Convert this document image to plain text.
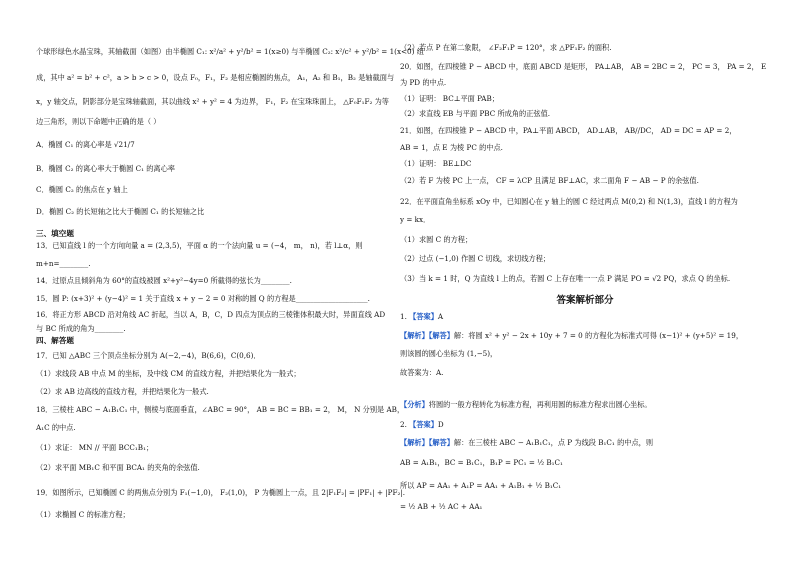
个球形绿色水晶宝珠，其轴截面（如图）由半椭圆 C₁: x²/a² + y²/b² = 1(x≥0) 与半椭圆 C₂: x²/c² + y²/b² = 1(x<0) 组
成，其中 a² = b² + c²，a > b > c > 0，设点 F₀，F₁，F₂ 是相应椭圆的焦点， A₁，A₂ 和 B₁，B₂ 是轴截面与
x，y 轴交点，阴影部分是宝珠轴截面，其以曲线 x² + y² = 4 为边界， F₁，F₂ 在宝珠珠面上， △F₀F₁F₂ 为等
边三角形，则以下命题中正确的是（ ）
A．椭圆 C₁ 的离心率是 √21/7
B．椭圆 C₂ 的离心率大于椭圆 C₁ 的离心率
C．椭圆 C₂ 的焦点在 y 轴上
D．椭圆 C₂ 的长短轴之比大于椭圆 C₁ 的长短轴之比
三、填空题
13．已知直线 l 的一个方向向量 a = (2,3,5)，平面 α 的一个法向量 u = (−4， m， n)，若 l⊥α，则
m+n=________.
14．过原点且倾斜角为 60°的直线被圆 x²+y²−4y=0 所截得的弦长为________.
15．圆 P: (x+3)² + (y−4)² = 1 关于直线 x + y − 2 = 0 对称的圆 Q 的方程是____________________.
16．将正方形 ABCD 沿对角线 AC 折起，当以 A，B，C，D 四点为顶点的三棱锥体积最大时，异面直线 AD
与 BC 所成的角为________.
四、解答题
17．已知 △ABC 三个顶点坐标分别为 A(−2,−4)，B(6,6)，C(0,6)．
（1）求线段 AB 中点 M 的坐标，及中线 CM 的直线方程，并把结果化为一般式；
（2）求 AB 边高线的直线方程，并把结果化为一般式.
18．三棱柱 ABC − A₁B₁C₁ 中，侧棱与底面垂直，∠ABC = 90°， AB = BC = BB₁ = 2， M， N 分别是 AB，
A₁C 的中点.
（1）求证： MN // 平面 BCC₁B₁；
（2）求平面 MB₁C 和平面 BCA₁ 的夹角的余弦值.
19．如图所示，已知椭圆 C 的两焦点分别为 F₁(−1,0)， F₂(1,0)， P 为椭圆上一点，且 2|F₁F₂| = |PF₁| + |PF₂|.
（1）求椭圆 C 的标准方程；
（2）若点 P 在第二象限， ∠F₂F₁P = 120°，求 △PF₁F₂ 的面积.
20．如图，在四棱锥 P − ABCD 中，底面 ABCD 是矩形， PA⊥AB， AB = 2BC = 2， PC = 3， PA = 2， E
为 PD 的中点.
（1）证明： BC⊥平面 PAB；
（2）求直线 EB 与平面 PBC 所成角的正弦值.
21．如图，在四棱锥 P − ABCD 中，PA⊥平面 ABCD， AD⊥AB， AB//DC， AD = DC = AP = 2，
AB = 1，点 E 为棱 PC 的中点.
（1）证明： BE⊥DC
（2）若 F 为棱 PC 上一点， CF = λCP 且满足 BF⊥AC，求二面角 F − AB − P 的余弦值.
22．在平面直角坐标系 xOy 中，已知圆心在 y 轴上的圆 C 经过两点 M(0,2) 和 N(1,3)，直线 l 的方程为
y = kx．
（1）求圆 C 的方程；
（2）过点 (−1,0) 作圆 C 切线，求切线方程；
（3）当 k = 1 时，Q 为直线 l 上的点，若圆 C 上存在唯一一点 P 满足 PO = √2 PQ，求点 Q 的坐标.
答案解析部分
1. 【答案】A
【解析】【解答】解：将圆 x² + y² − 2x + 10y + 7 = 0 的方程化为标准式可得 (x−1)² + (y+5)² = 19，
则该圆的圆心坐标为 (1,−5)，
故答案为：A.
【分析】将圆的一般方程转化为标准方程，再利用圆的标准方程求出圆心坐标。
2. 【答案】D
【解析】【解答】解：在三棱柱 ABC − A₁B₁C₁，点 P 为线段 B₁C₁ 的中点，则
AB = A₁B₁，BC = B₁C₁，B₁P = PC₁ = ½ B₁C₁
所以 AP = AA₁ + A₁P = AA₁ + A₁B₁ + ½ B₁C₁
= ½ AB + ½ AC + AA₁
